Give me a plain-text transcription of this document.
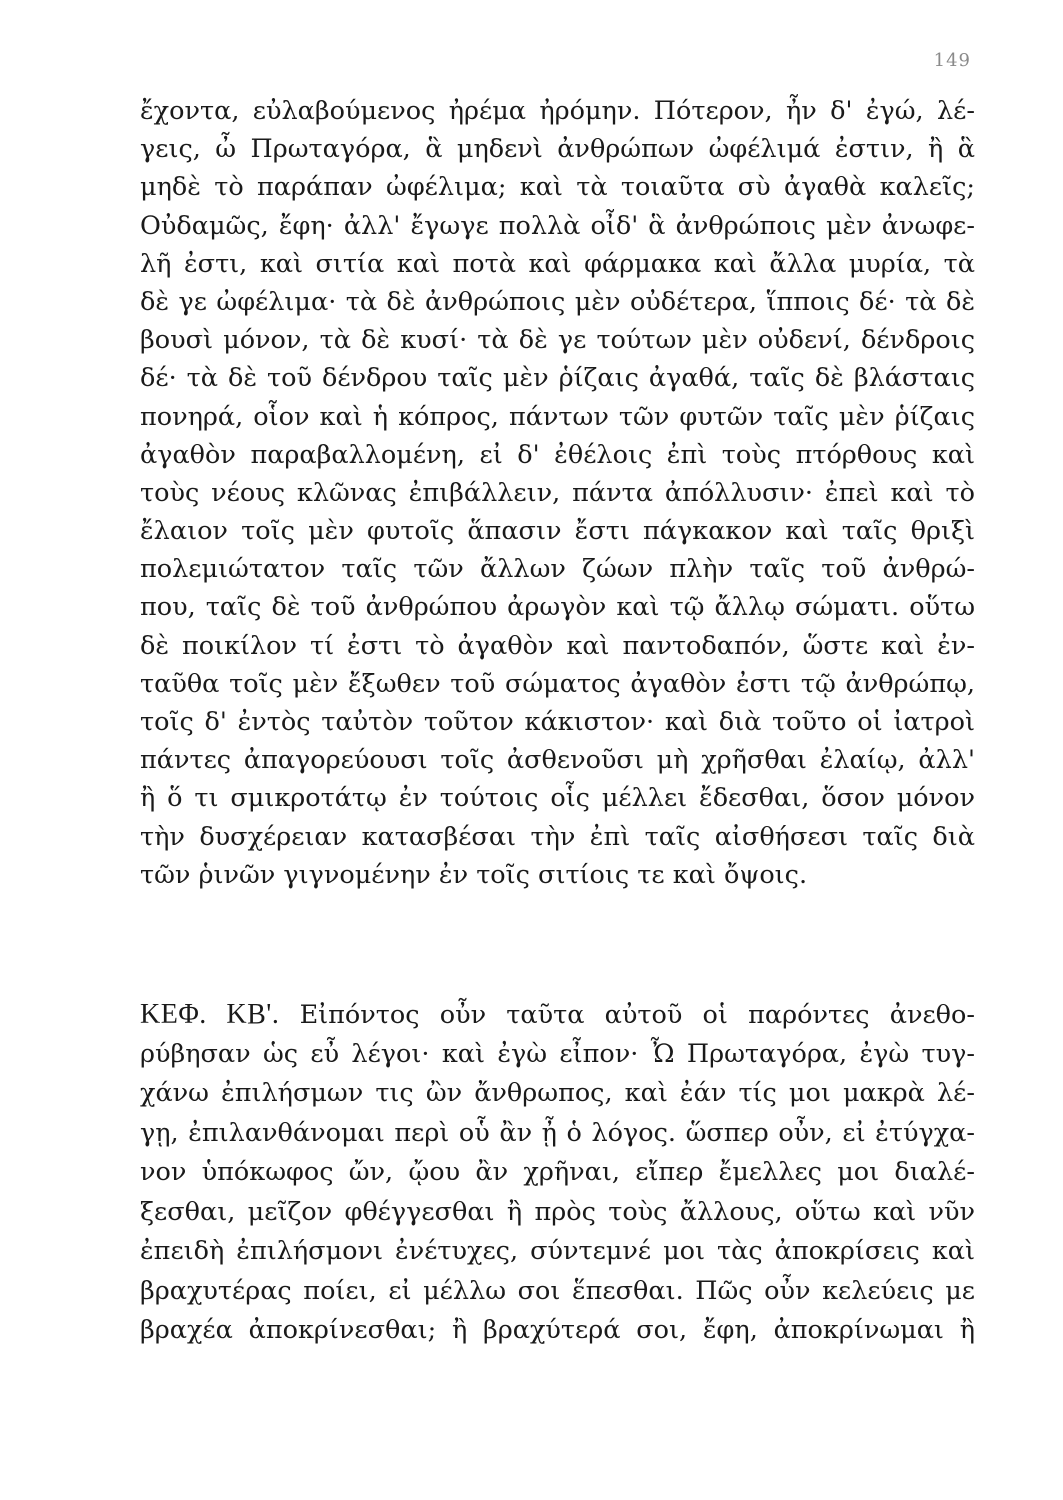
149
ἔχοντα, εὐλαβούμενος ἠρέμα ἠρόμην. Πότερον, ἦν δ' ἐγώ, λέ-
γεις, ὦ Πρωταγόρα, ἃ μηδενὶ ἀνθρώπων ὠφέλιμά ἐστιν, ἢ ἃ
μηδὲ τὸ παράπαν ὠφέλιμα; καὶ τὰ τοιαῦτα σὺ ἀγαθὰ καλεῖς;
Οὐδαμῶς, ἔφη· ἀλλ' ἔγωγε πολλὰ οἶδ' ἃ ἀνθρώποις μὲν ἀνωφε-
λῆ ἐστι, καὶ σιτία καὶ ποτὰ καὶ φάρμακα καὶ ἄλλα μυρία, τὰ
δὲ γε ὠφέλιμα· τὰ δὲ ἀνθρώποις μὲν οὐδέτερα, ἵπποις δέ· τὰ δὲ
βουσὶ μόνον, τὰ δὲ κυσί· τὰ δὲ γε τούτων μὲν οὐδενί, δένδροις
δέ· τὰ δὲ τοῦ δένδρου ταῖς μὲν ῥίζαις ἀγαθά, ταῖς δὲ βλάσταις
πονηρά, οἷον καὶ ἡ κόπρος, πάντων τῶν φυτῶν ταῖς μὲν ῥίζαις
ἀγαθὸν παραβαλλομένη, εἰ δ' ἐθέλοις ἐπὶ τοὺς πτόρθους καὶ
τοὺς νέους κλῶνας ἐπιβάλλειν, πάντα ἀπόλλυσιν· ἐπεὶ καὶ τὸ
ἔλαιον τοῖς μὲν φυτοῖς ἅπασιν ἔστι πάγκακον καὶ ταῖς θριξὶ
πολεμιώτατον ταῖς τῶν ἄλλων ζώων πλὴν ταῖς τοῦ ἀνθρώ-
που, ταῖς δὲ τοῦ ἀνθρώπου ἀρωγὸν καὶ τῷ ἄλλῳ σώματι. οὕτω
δὲ ποικίλον τί ἐστι τὸ ἀγαθὸν καὶ παντοδαπόν, ὥστε καὶ ἐν-
ταῦθα τοῖς μὲν ἔξωθεν τοῦ σώματος ἀγαθὸν ἐστι τῷ ἀνθρώπῳ,
τοῖς δ' ἐντὸς ταὐτὸν τοῦτον κάκιστον· καὶ διὰ τοῦτο οἱ ἰατροὶ
πάντες ἀπαγορεύουσι τοῖς ἀσθενοῦσι μὴ χρῆσθαι ἐλαίῳ, ἀλλ'
ἢ ὅ τι σμικροτάτῳ ἐν τούτοις οἷς μέλλει ἔδεσθαι, ὅσον μόνον
τὴν δυσχέρειαν κατασβέσαι τὴν ἐπὶ ταῖς αἰσθήσεσι ταῖς διὰ
τῶν ῥινῶν γιγνομένην ἐν τοῖς σιτίοις τε καὶ ὄψοις.
ΚΕΦ. ΚΒ'. Εἰπόντος οὖν ταῦτα αὐτοῦ οἱ παρόντες ἀνεθο-
ρύβησαν ὡς εὖ λέγοι· καὶ ἐγὼ εἶπον· Ὦ Πρωταγόρα, ἐγὼ τυγ-
χάνω ἐπιλήσμων τις ὢν ἄνθρωπος, καὶ ἐάν τίς μοι μακρὰ λέ-
γῃ, ἐπιλανθάνομαι περὶ οὗ ἂν ᾖ ὁ λόγος. ὥσπερ οὖν, εἰ ἐτύγχα-
νον ὑπόκωφος ὤν, ᾤου ἂν χρῆναι, εἴπερ ἔμελλες μοι διαλέ-
ξεσθαι, μεῖζον φθέγγεσθαι ἢ πρὸς τοὺς ἄλλους, οὕτω καὶ νῦν
ἐπειδὴ ἐπιλήσμονι ἐνέτυχες, σύντεμνέ μοι τὰς ἀποκρίσεις καὶ
βραχυτέρας ποίει, εἰ μέλλω σοι ἕπεσθαι. Πῶς οὖν κελεύεις με
βραχέα ἀποκρίνεσθαι; ἢ βραχύτερά σοι, ἔφη, ἀποκρίνωμαι ἢ
